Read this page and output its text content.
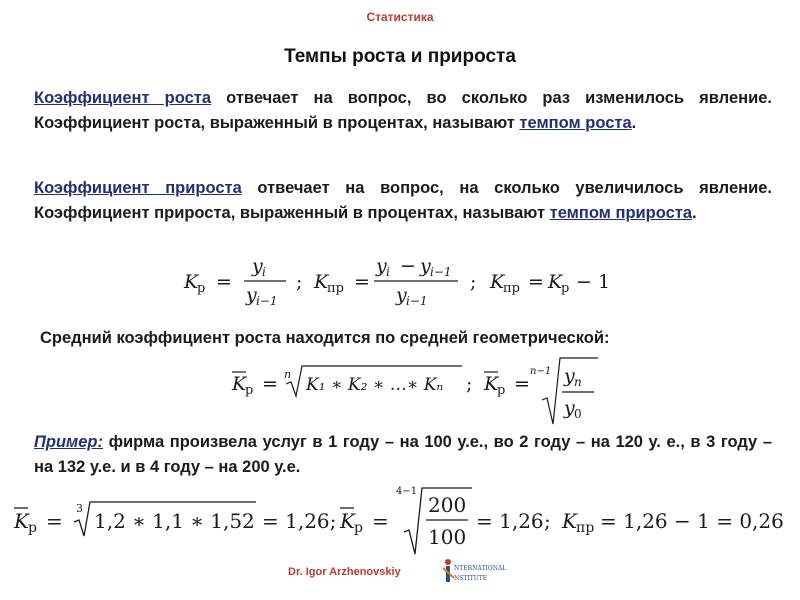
Статистика
Темпы роста и прироста
Коэффициент роста отвечает на вопрос, во сколько раз изменилось явление. Коэффициент роста, выраженный в процентах, называют темпом роста.
Коэффициент прироста отвечает на вопрос, на сколько увеличилось явление. Коэффициент прироста, выраженный в процентах, называют темпом прироста.
K
р =
y i
y i−1
; K
пр =
y i − y i−1
y i−1
; K
пр = K
р − 1
Средний коэффициент роста находится по средней геометрической:
K
р = n
K₁ ∗ K₂ ∗ …∗ Kₙ ; K
р =
n−1 y n
y 0
Пример: фирма произвела услуг в 1 году – на 100 у.е., во 2 году – на 120 у. е., в 3 году – на 132 у.е. и в 4 году – на 200 у.е.
K р =
3
1,2 ∗ 1,1 ∗ 1,52 = 1,26; K р =
4−1
200
100
= 1,26 ; K пр = 1,26 − 1 = 0,26
Dr. Igor Arzhenovskiy	NTERNATIONAL
NSTITUTE
